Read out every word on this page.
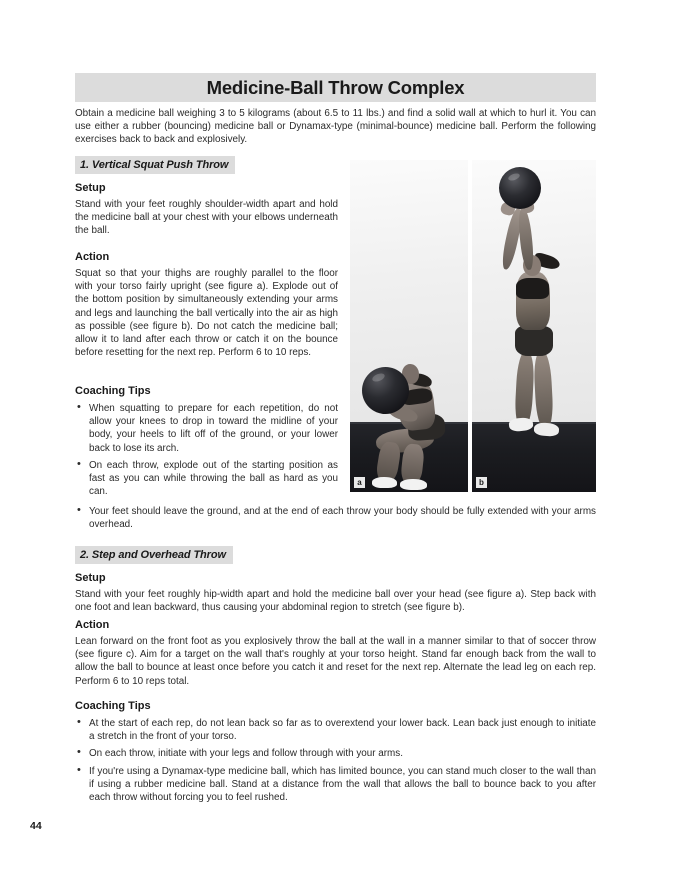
Medicine-Ball Throw Complex
Obtain a medicine ball weighing 3 to 5 kilograms (about 6.5 to 11 lbs.) and find a solid wall at which to hurl it. You can use either a rubber (bouncing) medicine ball or Dynamax-type (minimal-bounce) medicine ball. Perform the following exercises back to back and explosively.
1. Vertical Squat Push Throw
Setup
Stand with your feet roughly shoulder-width apart and hold the medicine ball at your chest with your elbows underneath the ball.
Action
Squat so that your thighs are roughly parallel to the floor with your torso fairly upright (see figure a). Explode out of the bottom position by simultaneously extending your arms and legs and launching the ball vertically into the air as high as possible (see figure b). Do not catch the medicine ball; allow it to land after each throw or catch it on the bounce before resetting for the next rep. Perform 6 to 10 reps.
Coaching Tips
• When squatting to prepare for each repetition, do not allow your knees to drop in toward the midline of your body, your heels to lift off of the ground, or your lower back to lose its arch.
• On each throw, explode out of the starting position as fast as you can while throwing the ball as hard as you can.
• Your feet should leave the ground, and at the end of each throw your body should be fully extended with your arms overhead.
a	b
2. Step and Overhead Throw
Setup
Stand with your feet roughly hip-width apart and hold the medicine ball over your head (see figure a). Step back with one foot and lean backward, thus causing your abdominal region to stretch (see figure b).
Action
Lean forward on the front foot as you explosively throw the ball at the wall in a manner similar to that of soccer throw (see figure c). Aim for a target on the wall that's roughly at your torso height. Stand far enough back from the wall to allow the ball to bounce at least once before you catch it and reset for the next rep. Alternate the lead leg on each rep. Perform 6 to 10 reps total.
Coaching Tips
• At the start of each rep, do not lean back so far as to overextend your lower back. Lean back just enough to initiate a stretch in the front of your torso.
• On each throw, initiate with your legs and follow through with your arms.
• If you're using a Dynamax-type medicine ball, which has limited bounce, you can stand much closer to the wall than if using a rubber medicine ball. Stand at a distance from the wall that allows the ball to bounce back to you after each throw without forcing you to feel rushed.
44
